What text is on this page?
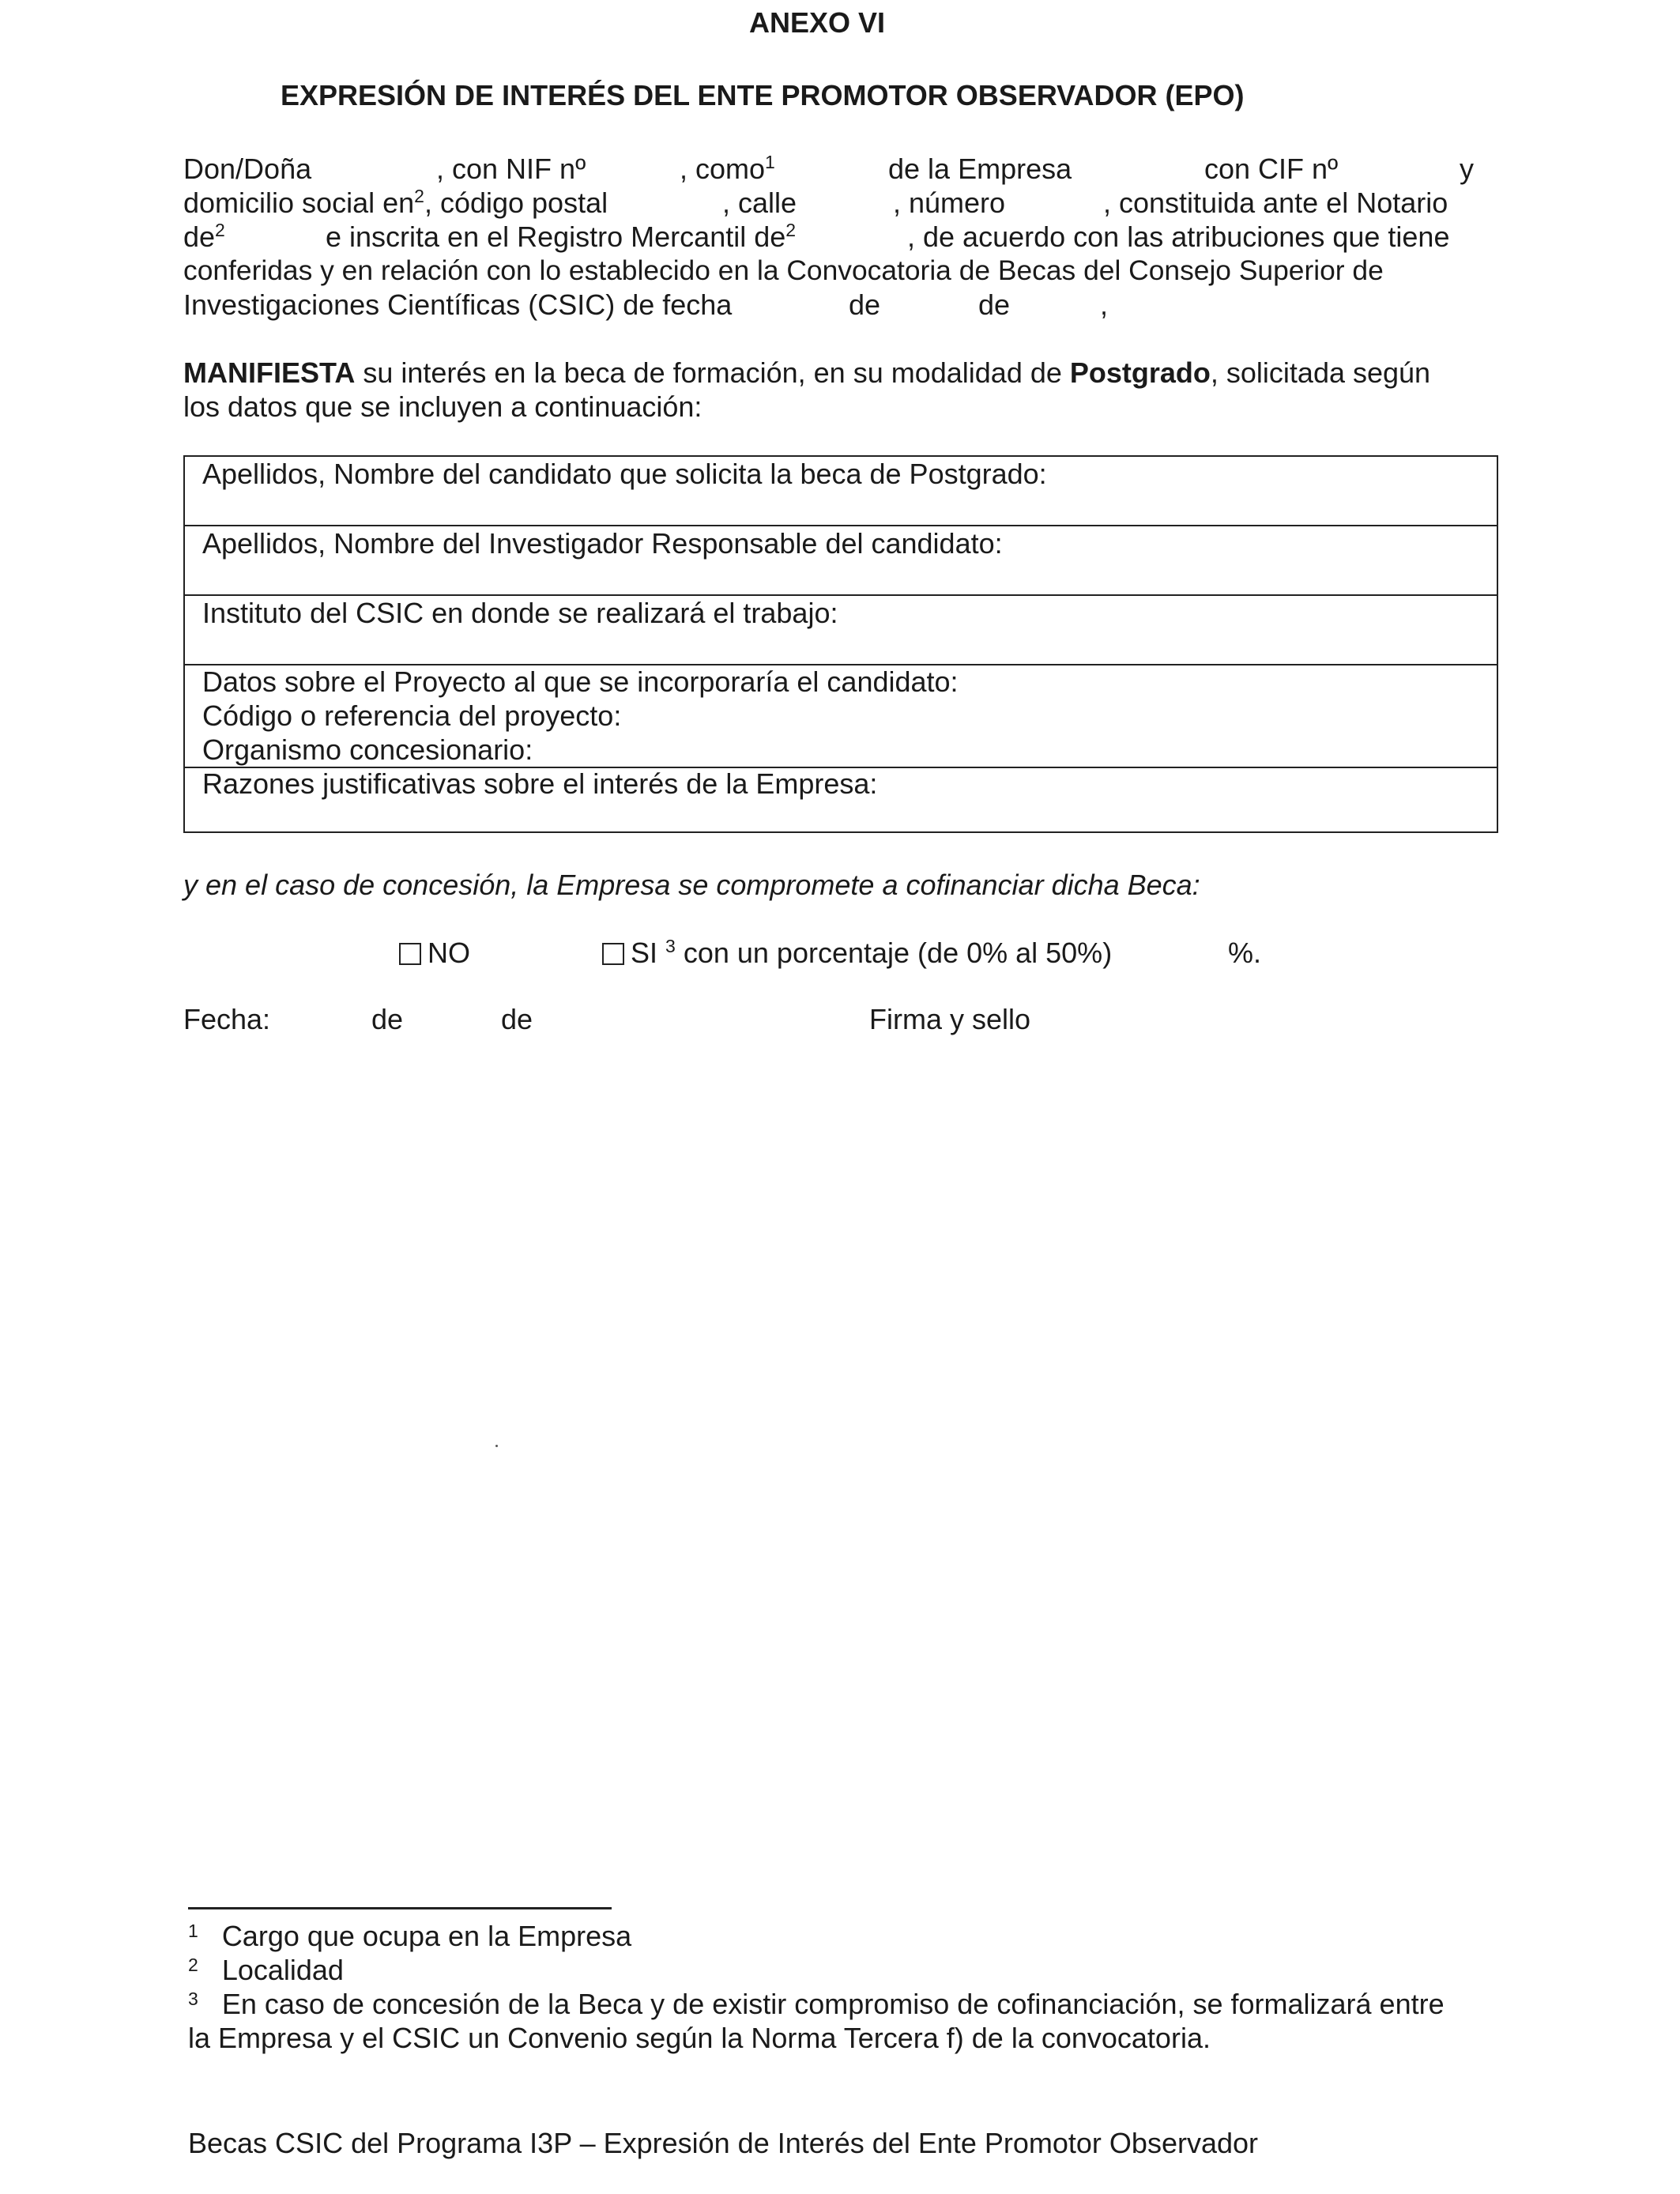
ANEXO VI
EXPRESIÓN DE INTERÉS DEL ENTE PROMOTOR OBSERVADOR (EPO)
Don/Doña	, con NIF nº	, como$^1$	de la Empresa	con CIF nº	y
domicilio social $en^2$, código postal	, calle	, número	, constituida ante el Notario
$de^2$	e inscrita en el Registro Mercantil $de^2$	, de acuerdo con las atribuciones que tiene
conferidas y en relación con lo establecido en la Convocatoria de Becas del Consejo Superior de
Investigaciones Científicas (CSIC) de fecha	de	de	,
MANIFIESTA su interés en la beca de formación, en su modalidad de Postgrado, solicitada según
los datos que se incluyen a continuación:
Apellidos, Nombre del candidato que solicita la beca de Postgrado:
Apellidos, Nombre del Investigador Responsable del candidato:
Instituto del CSIC en donde se realizará el trabajo:
Datos sobre el Proyecto al que se incorporaría el candidato:
Código o referencia del proyecto:
Organismo concesionario:
Razones justificativas sobre el interés de la Empresa:
y en el caso de concesión, la Empresa se compromete a cofinanciar dicha Beca:
NO	SI $^3$ con un porcentaje (de 0% al 50%)	%.
Fecha:	de	de	Firma y sello
$^1$ Cargo que ocupa en la Empresa
$^2$ Localidad
$^3$ En caso de concesión de la Beca y de existir compromiso de cofinanciación, se formalizará entre
la Empresa y el CSIC un Convenio según la Norma Tercera f) de la convocatoria.
Becas CSIC del Programa I3P – Expresión de Interés del Ente Promotor Observador
